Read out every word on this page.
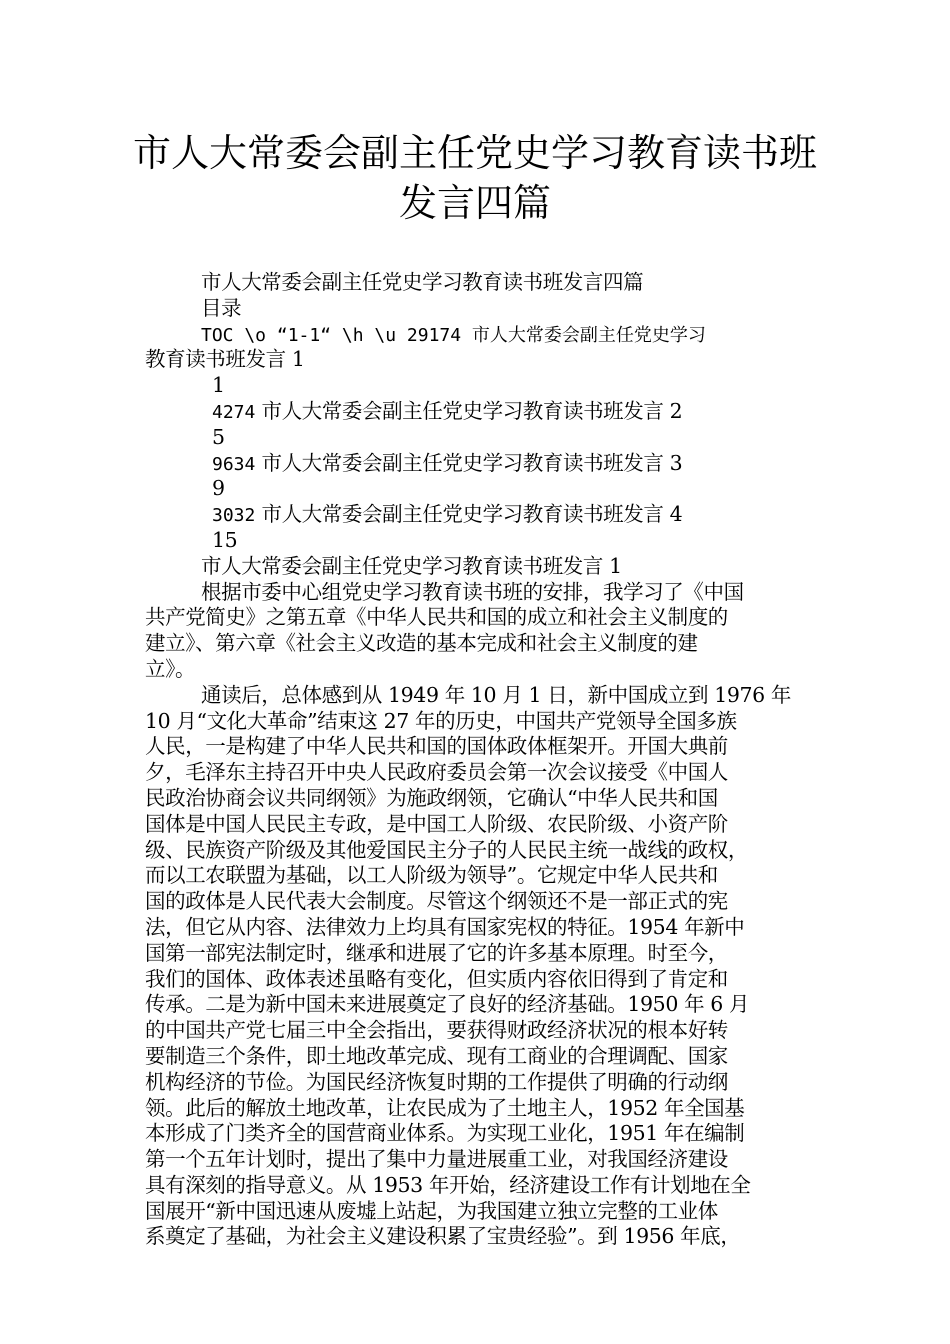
市人大常委会副主任党史学习教育读书班
发言四篇
市人大常委会副主任党史学习教育读书班发言四篇
目录
TOC \o “1-1“ \h \u 29174 市人大常委会副主任党史学习
教育读书班发言 1
1
4274 市人大常委会副主任党史学习教育读书班发言 2
5
9634 市人大常委会副主任党史学习教育读书班发言 3
9
3032 市人大常委会副主任党史学习教育读书班发言 4
15
市人大常委会副主任党史学习教育读书班发言 1
根据市委中心组党史学习教育读书班的安排，我学习了《中国
共产党简史》之第五章《中华人民共和国的成立和社会主义制度的
建立》、第六章《社会主义改造的基本完成和社会主义制度的建
立》。
通读后，总体感到从 1949 年 10 月 1 日，新中国成立到 1976 年
10 月“文化大革命”结束这 27 年的历史，中国共产党领导全国多族
人民，一是构建了中华人民共和国的国体政体框架开。开国大典前
夕，毛泽东主持召开中央人民政府委员会第一次会议接受《中国人
民政治协商会议共同纲领》为施政纲领，它确认“中华人民共和国
国体是中国人民民主专政，是中国工人阶级、农民阶级、小资产阶
级、民族资产阶级及其他爱国民主分子的人民民主统一战线的政权，
而以工农联盟为基础，以工人阶级为领导”。它规定中华人民共和
国的政体是人民代表大会制度。尽管这个纲领还不是一部正式的宪
法，但它从内容、法律效力上均具有国家宪权的特征。1954 年新中
国第一部宪法制定时，继承和进展了它的许多基本原理。时至今，
我们的国体、政体表述虽略有变化，但实质内容依旧得到了肯定和
传承。二是为新中国未来进展奠定了良好的经济基础。1950 年 6 月
的中国共产党七届三中全会指出，要获得财政经济状况的根本好转
要制造三个条件，即土地改革完成、现有工商业的合理调配、国家
机构经济的节俭。为国民经济恢复时期的工作提供了明确的行动纲
领。此后的解放土地改革，让农民成为了土地主人，1952 年全国基
本形成了门类齐全的国营商业体系。为实现工业化，1951 年在编制
第一个五年计划时，提出了集中力量进展重工业，对我国经济建设
具有深刻的指导意义。从 1953 年开始，经济建设工作有计划地在全
国展开“新中国迅速从废墟上站起，为我国建立独立完整的工业体
系奠定了基础，为社会主义建设积累了宝贵经验”。到 1956 年底，
